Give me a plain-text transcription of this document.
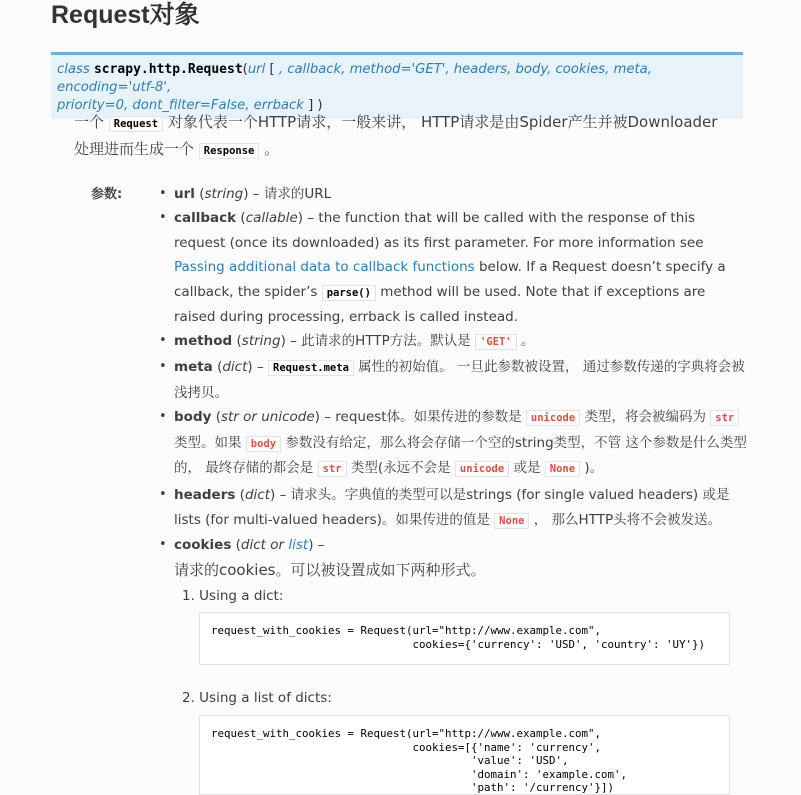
Request对象
class scrapy.http.Request(url [ , callback, method='GET', headers, body, cookies, meta, encoding='utf-8',
priority=0, dont_filter=False, errback ] )
一个 Request 对象代表一个HTTP请求，一般来讲， HTTP请求是由Spider产生并被Downloader
处理进而生成一个 Response 。
参数:	• url (string) – 请求的URL
• callback (callable) – the function that will be called with the response of this request (once its downloaded) as its first parameter. For more information see Passing additional data to callback functions below. If a Request doesn’t specify a callback, the spider’s parse() method will be used. Note that if exceptions are raised during processing, errback is called instead.
• method (string) – 此请求的HTTP方法。默认是 'GET' 。
• meta (dict) – Request.meta 属性的初始值。 一旦此参数被设置， 通过参数传递的字典将会被浅拷贝。
• body (str or unicode) – request体。如果传进的参数是 unicode 类型，将会被编码为 str 类型。如果 body 参数没有给定，那么将会存储一个空的string类型，不管 这个参数是什么类型的， 最终存储的都会是 str 类型(永远不会是 unicode 或是 None )。
• headers (dict) – 请求头。字典值的类型可以是strings (for single valued headers) 或是lists (for multi-valued headers)。如果传进的值是 None ， 那么HTTP头将不会被发送。
• cookies (dict or list) –
请求的cookies。可以被设置成如下两种形式。
1. Using a dict:
request_with_cookies = Request(url="http://www.example.com",
cookies={'currency': 'USD', 'country': 'UY'})
2. Using a list of dicts:
request_with_cookies = Request(url="http://www.example.com",
cookies=[{'name': 'currency',
'value': 'USD',
'domain': 'example.com',
'path': '/currency'}])
